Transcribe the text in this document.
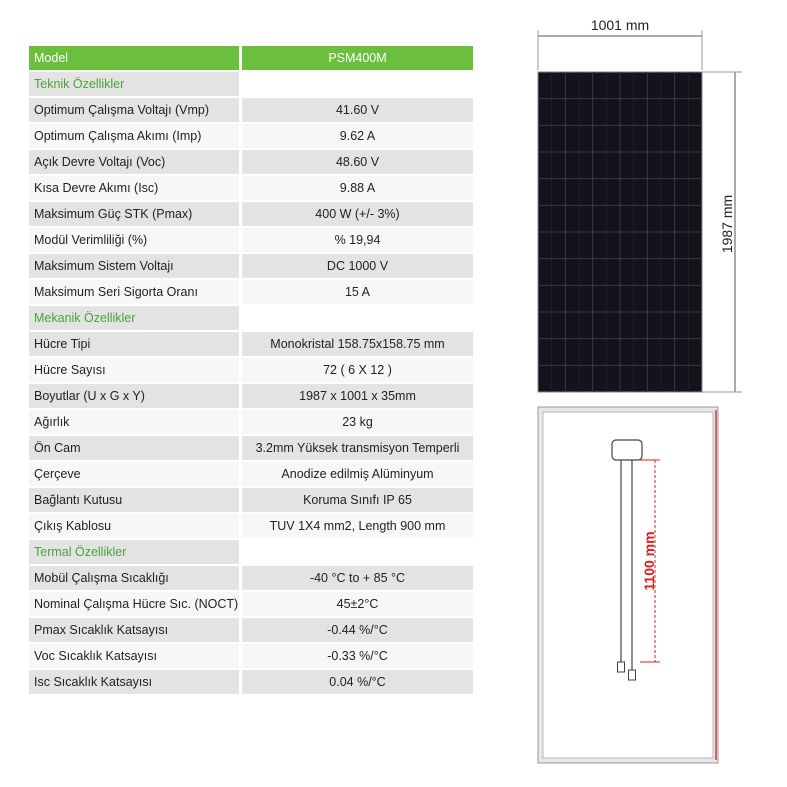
Model	PSM400M
Teknik Özellikler	
Optimum Çalışma Voltajı (Vmp)	41.60 V
Optimum Çalışma Akımı (Imp)	9.62 A
Açık Devre Voltajı (Voc)	48.60 V
Kısa Devre Akımı (Isc)	9.88 A
Maksimum Güç STK (Pmax)	400 W (+/- 3%)
Modül Verimliliği (%)	% 19,94
Maksimum Sistem Voltajı	DC 1000 V
Maksimum Seri Sigorta Oranı	15 A
Mekanik Özellikler	
Hücre Tipi	Monokristal 158.75x158.75 mm
Hücre Sayısı	72 ( 6 X 12 )
Boyutlar (U x G x Y)	1987 x 1001 x 35mm
Ağırlık	23 kg
Ön Cam	3.2mm Yüksek transmisyon Temperli
Çerçeve	Anodize edilmiş Alüminyum
Bağlantı Kutusu	Koruma Sınıfı IP 65
Çıkış Kablosu	TUV 1X4 mm2, Length 900 mm
Termal Özellikler	
Mobül Çalışma Sıcaklığı	-40 °C to + 85 °C
Nominal Çalışma Hücre Sıc. (NOCT)	45±2°C
Pmax Sıcaklık Katsayısı	-0.44 %/°C
Voc Sıcaklık Katsayısı	-0.33 %/°C
Isc Sıcaklık Katsayısı	0.04 %/°C
1001 mm
1987 mm
1100 mm
